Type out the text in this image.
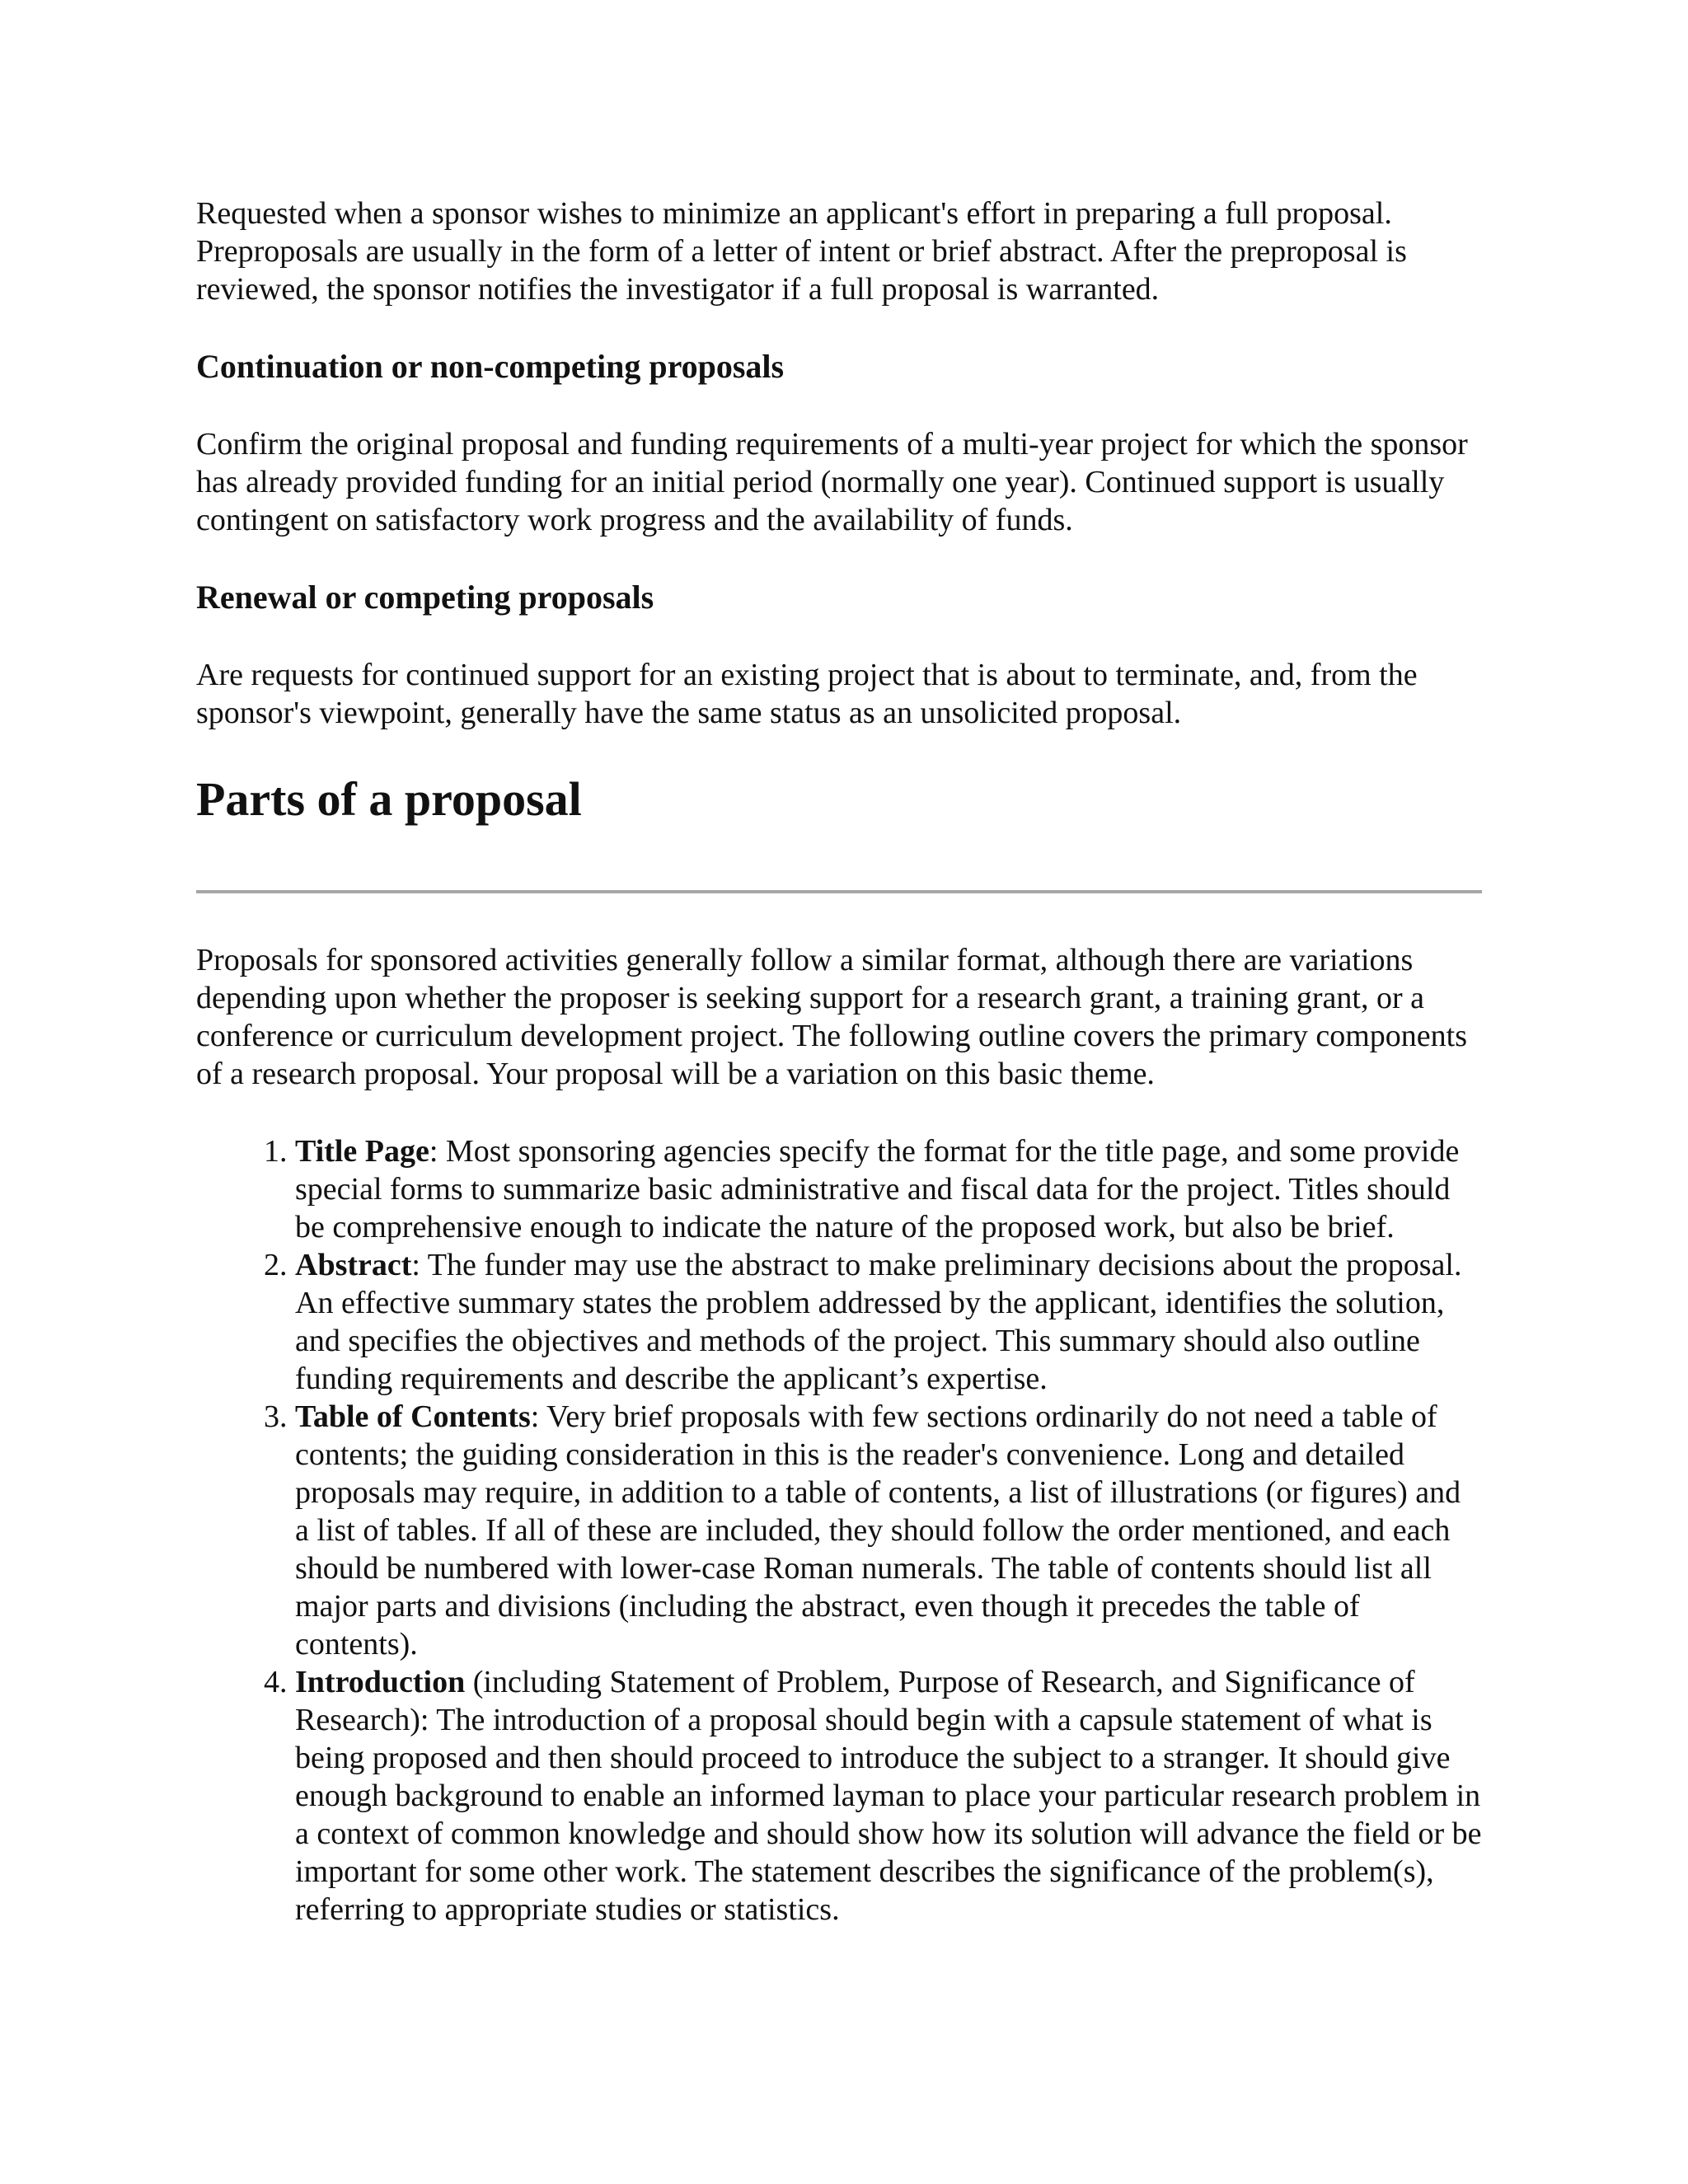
Requested when a sponsor wishes to minimize an applicant's effort in preparing a full proposal. Preproposals are usually in the form of a letter of intent or brief abstract. After the preproposal is reviewed, the sponsor notifies the investigator if a full proposal is warranted.

Continuation or non-competing proposals

Confirm the original proposal and funding requirements of a multi-year project for which the sponsor has already provided funding for an initial period (normally one year). Continued support is usually contingent on satisfactory work progress and the availability of funds.

Renewal or competing proposals

Are requests for continued support for an existing project that is about to terminate, and, from the sponsor's viewpoint, generally have the same status as an unsolicited proposal.

Parts of a proposal

Proposals for sponsored activities generally follow a similar format, although there are variations depending upon whether the proposer is seeking support for a research grant, a training grant, or a conference or curriculum development project. The following outline covers the primary components of a research proposal. Your proposal will be a variation on this basic theme.

1. Title Page: Most sponsoring agencies specify the format for the title page, and some provide special forms to summarize basic administrative and fiscal data for the project. Titles should be comprehensive enough to indicate the nature of the proposed work, but also be brief.
2. Abstract: The funder may use the abstract to make preliminary decisions about the proposal. An effective summary states the problem addressed by the applicant, identifies the solution, and specifies the objectives and methods of the project. This summary should also outline funding requirements and describe the applicant’s expertise.
3. Table of Contents: Very brief proposals with few sections ordinarily do not need a table of contents; the guiding consideration in this is the reader's convenience. Long and detailed proposals may require, in addition to a table of contents, a list of illustrations (or figures) and a list of tables. If all of these are included, they should follow the order mentioned, and each should be numbered with lower-case Roman numerals. The table of contents should list all major parts and divisions (including the abstract, even though it precedes the table of contents).
4. Introduction (including Statement of Problem, Purpose of Research, and Significance of Research): The introduction of a proposal should begin with a capsule statement of what is being proposed and then should proceed to introduce the subject to a stranger. It should give enough background to enable an informed layman to place your particular research problem in a context of common knowledge and should show how its solution will advance the field or be important for some other work. The statement describes the significance of the problem(s), referring to appropriate studies or statistics.
